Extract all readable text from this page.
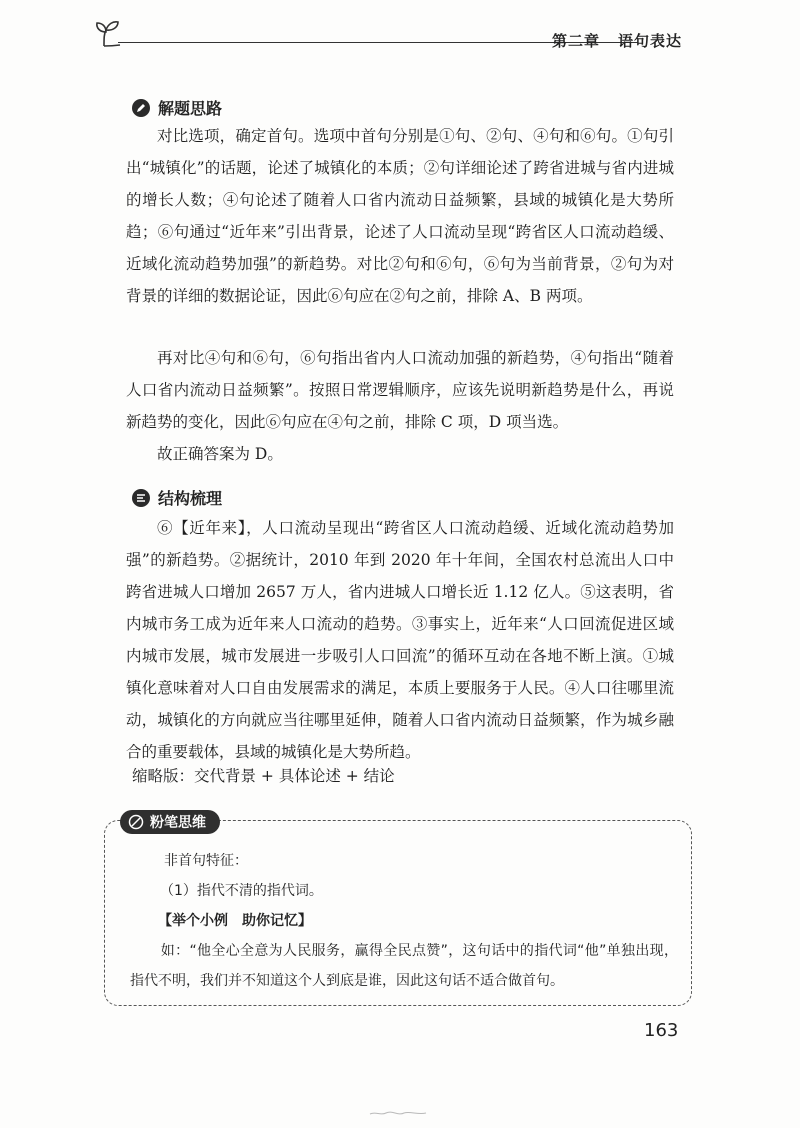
第二章 语句表达
解题思路

对比选项，确定首句。选项中首句分别是①句、②句、④句和⑥句。①句引出“城镇化”的话题，论述了城镇化的本质；②句详细论述了跨省进城与省内进城的增长人数；④句论述了随着人口省内流动日益频繁，县域的城镇化是大势所趋；⑥句通过“近年来”引出背景，论述了人口流动呈现“跨省区人口流动趋缓、近域化流动趋势加强”的新趋势。对比②句和⑥句，⑥句为当前背景，②句为对背景的详细的数据论证，因此⑥句应在②句之前，排除 A、B 两项。

再对比④句和⑥句，⑥句指出省内人口流动加强的新趋势，④句指出“随着人口省内流动日益频繁”。按照日常逻辑顺序，应该先说明新趋势是什么，再说新趋势的变化，因此⑥句应在④句之前，排除 C 项，D 项当选。

故正确答案为 D。

结构梳理

⑥【近年来】，人口流动呈现出“跨省区人口流动趋缓、近域化流动趋势加强”的新趋势。②据统计，2010 年到 2020 年十年间，全国农村总流出人口中跨省进城人口增加 2657 万人，省内进城人口增长近 1.12 亿人。⑤这表明，省内城市务工成为近年来人口流动的趋势。③事实上，近年来“人口回流促进区域内城市发展，城市发展进一步吸引人口回流”的循环互动在各地不断上演。①城镇化意味着对人口自由发展需求的满足，本质上要服务于人民。④人口往哪里流动，城镇化的方向就应当往哪里延伸，随着人口省内流动日益频繁，作为城乡融合的重要载体，县域的城镇化是大势所趋。

缩略版：交代背景 + 具体论述 + 结论

粉笔思维
非首句特征：
（1）指代不清的指代词。
【举个小例　助你记忆】
如：“他全心全意为人民服务，赢得全民点赞”，这句话中的指代词“他”单独出现，指代不明，我们并不知道这个人到底是谁，因此这句话不适合做首句。
163
